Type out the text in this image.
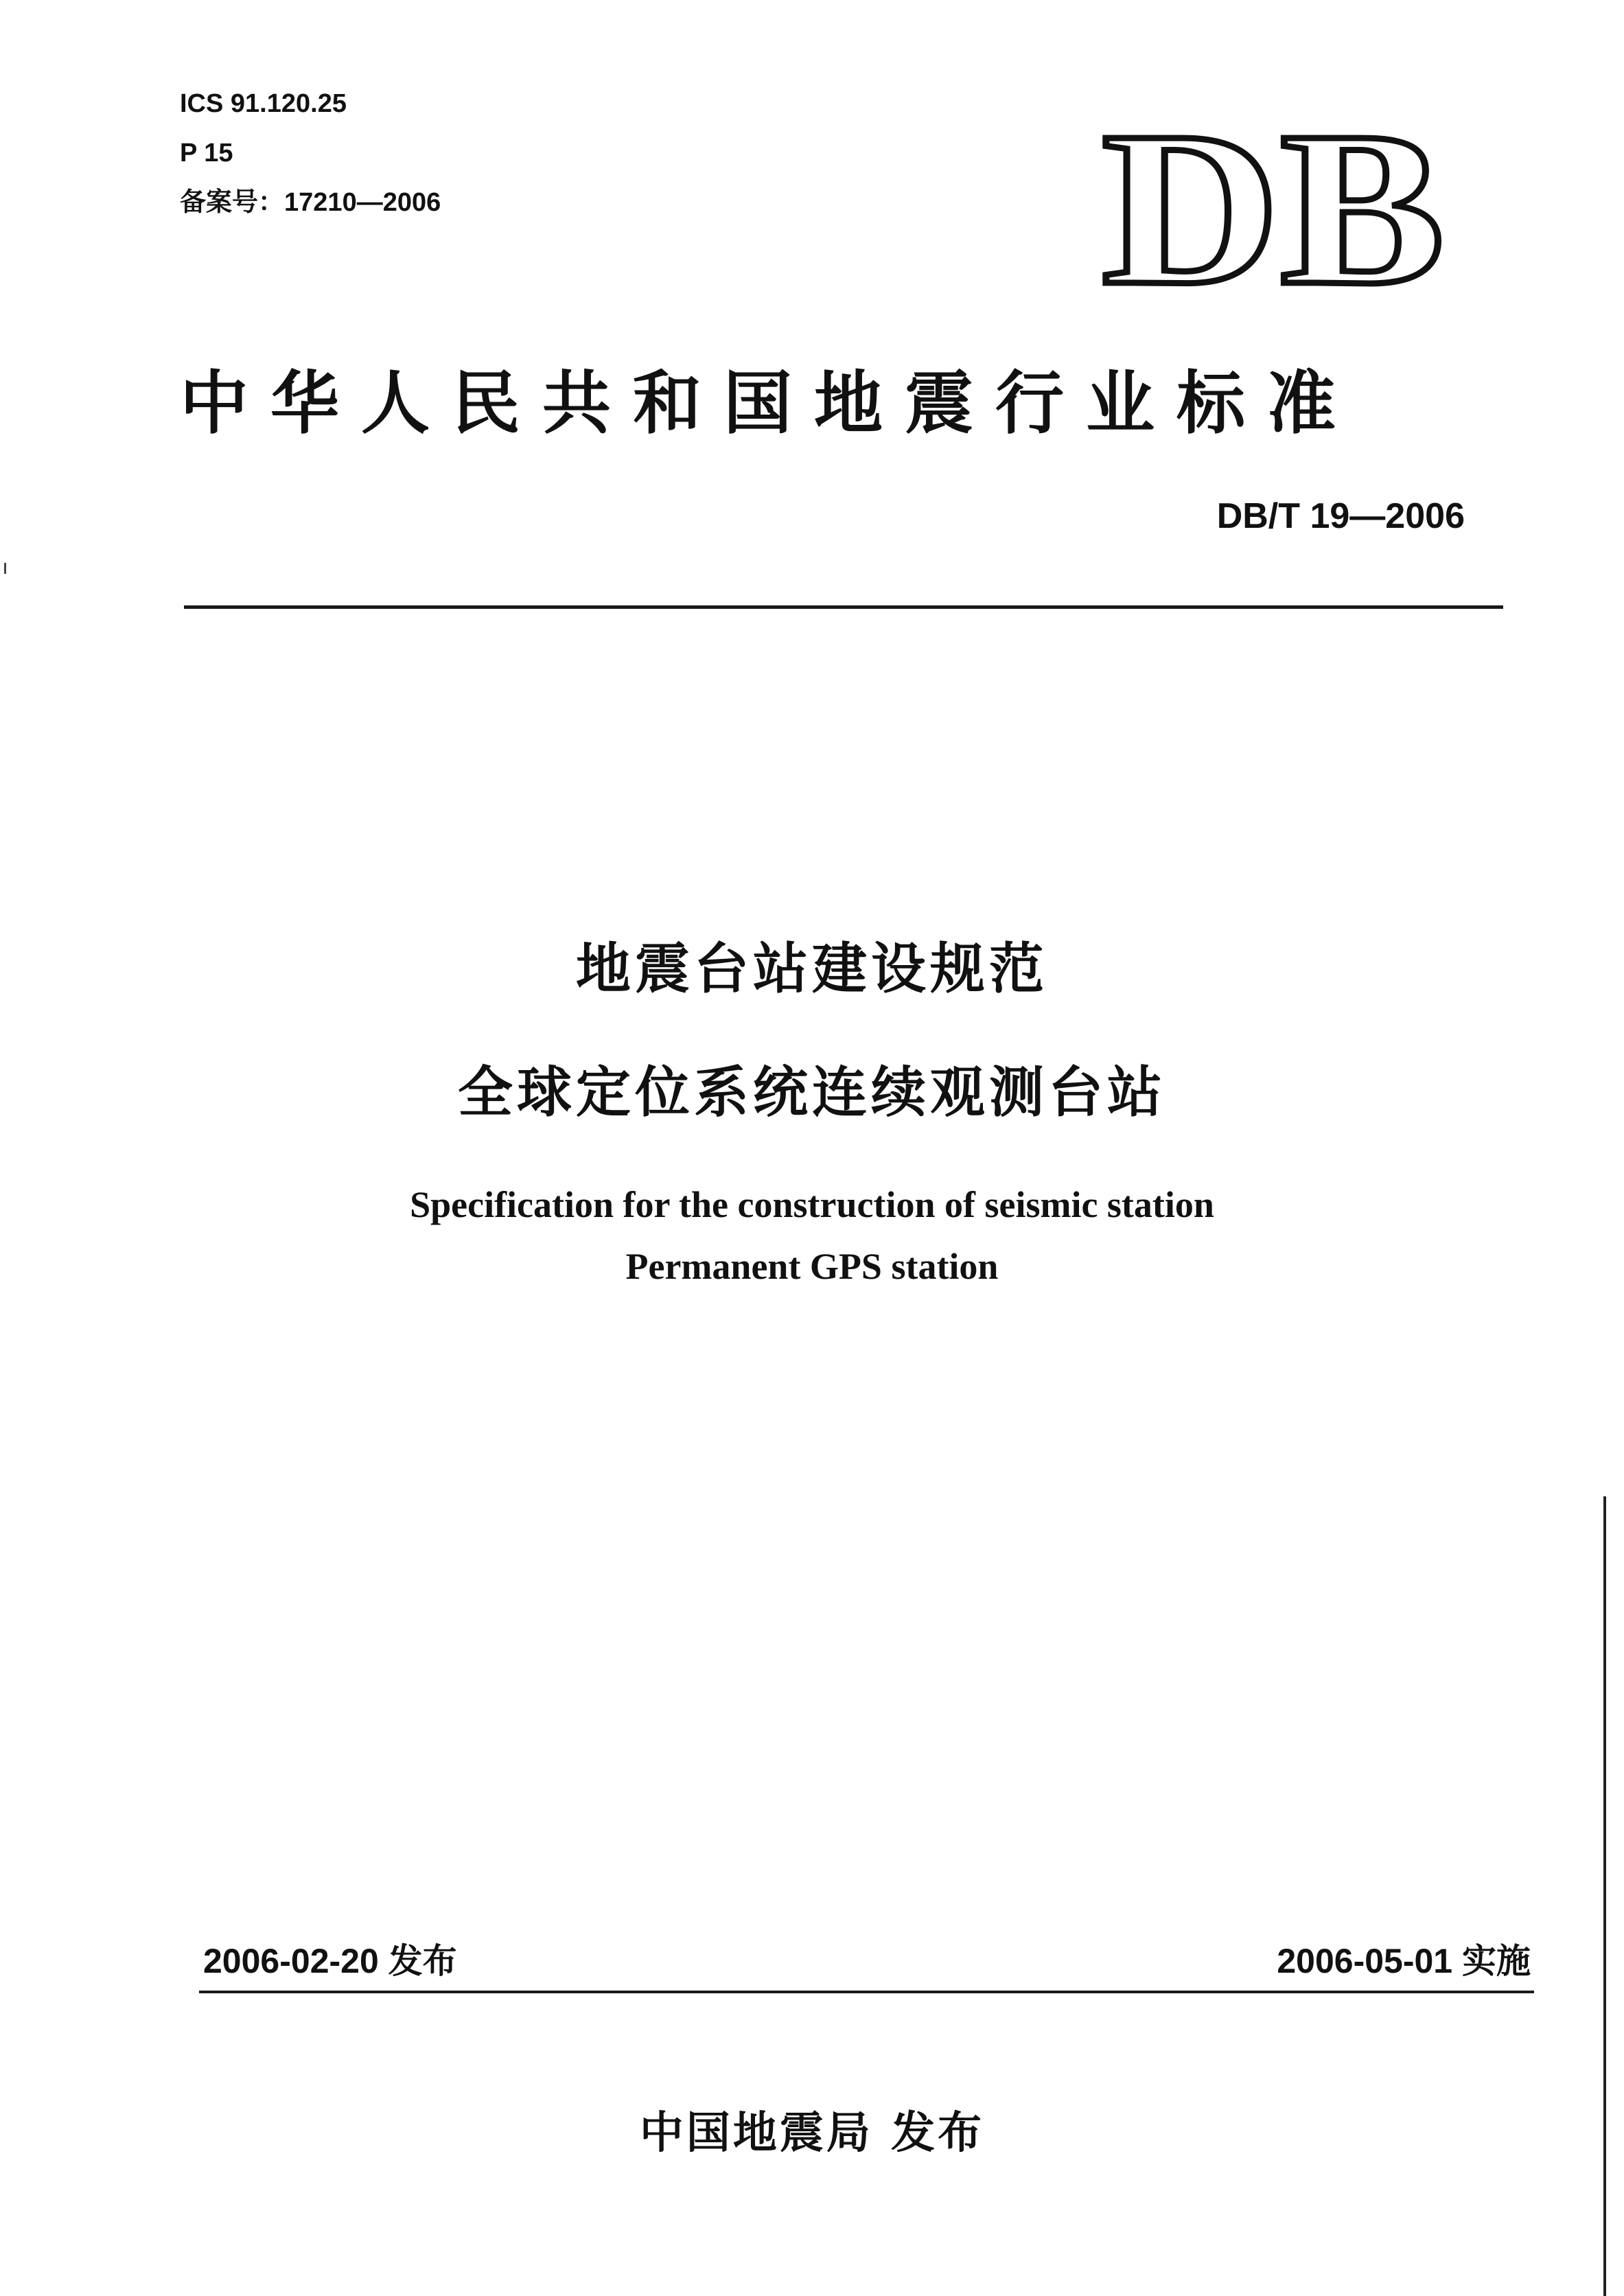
ICS 91.120.25
P 15
备案号：17210—2006	DB
中华人民共和国地震行业标准
DB/T 19—2006
地震台站建设规范
全球定位系统连续观测台站
Specification for the construction of seismic station
Permanent GPS station
2006-02-20 发布	2006-05-01 实施
中国地震局 发布
